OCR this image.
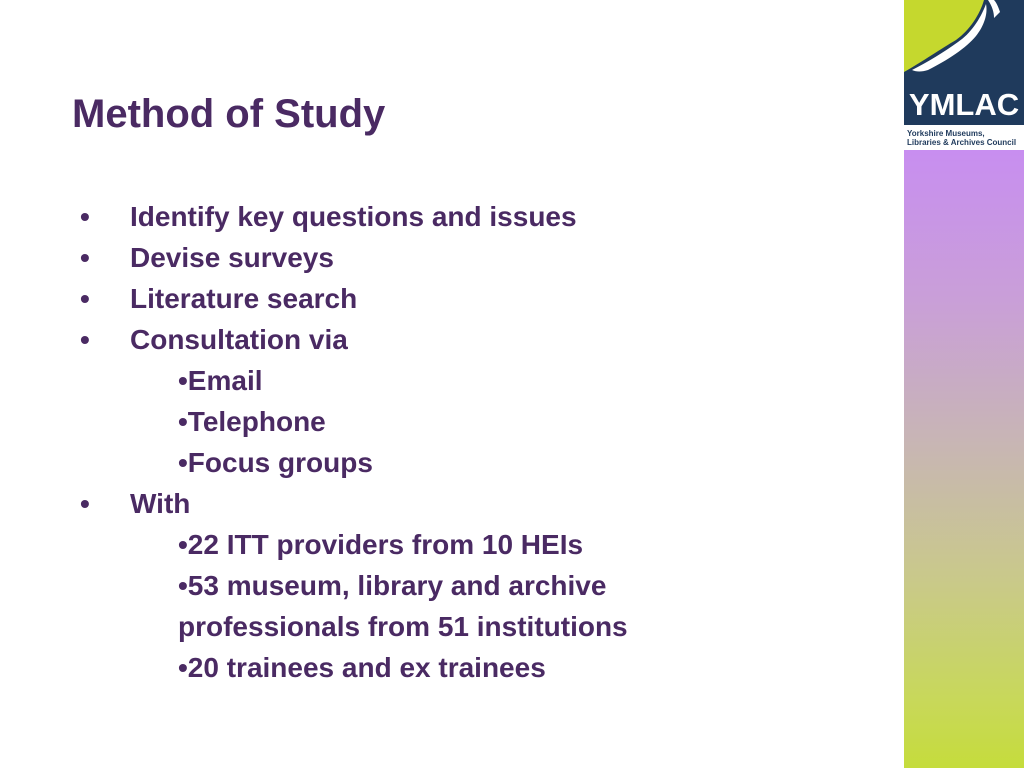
Method of Study
• Identify key questions and issues
• Devise surveys
• Literature search
• Consultation via
•Email
•Telephone
•Focus groups
• With
•22 ITT providers from 10 HEIs
•53 museum, library and archive
professionals from 51 institutions
•20 trainees and ex trainees
YMLAC
Yorkshire Museums,
Libraries & Archives Council
